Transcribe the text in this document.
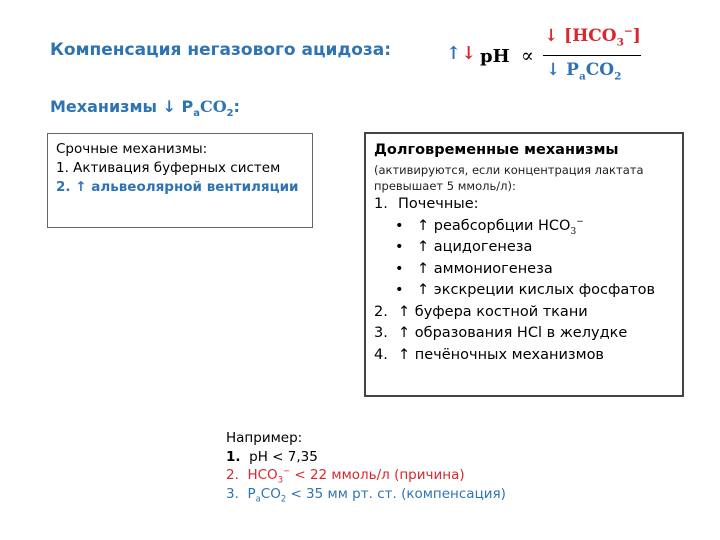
Компенсация негазового ацидоза:	↑↓ pH ∝
↓ $[HCO_3^-]$
↓ $P_aCO_2$
Механизмы ↓ $P_aCO_2$:
Срочные механизмы:
1. Активация буферных систем
2. ↑ альвеолярной вентиляции
Долговременные механизмы
(активируются, если концентрация лактата превышает 5 ммоль/л):
1. Почечные:
• ↑ реабсорбции $HCO_3^-$
• ↑ ацидогенеза
• ↑ аммониогенеза
• ↑ экскреции кислых фосфатов
2. ↑ буфера костной ткани
3. ↑ образования HCl в желудке
4. ↑ печёночных механизмов
Например:
1. pH < 7,35
2. $HCO_3^- < 22$ ммоль/л (причина)
3. $P_aCO_2 < 35$ мм рт. ст. (компенсация)
